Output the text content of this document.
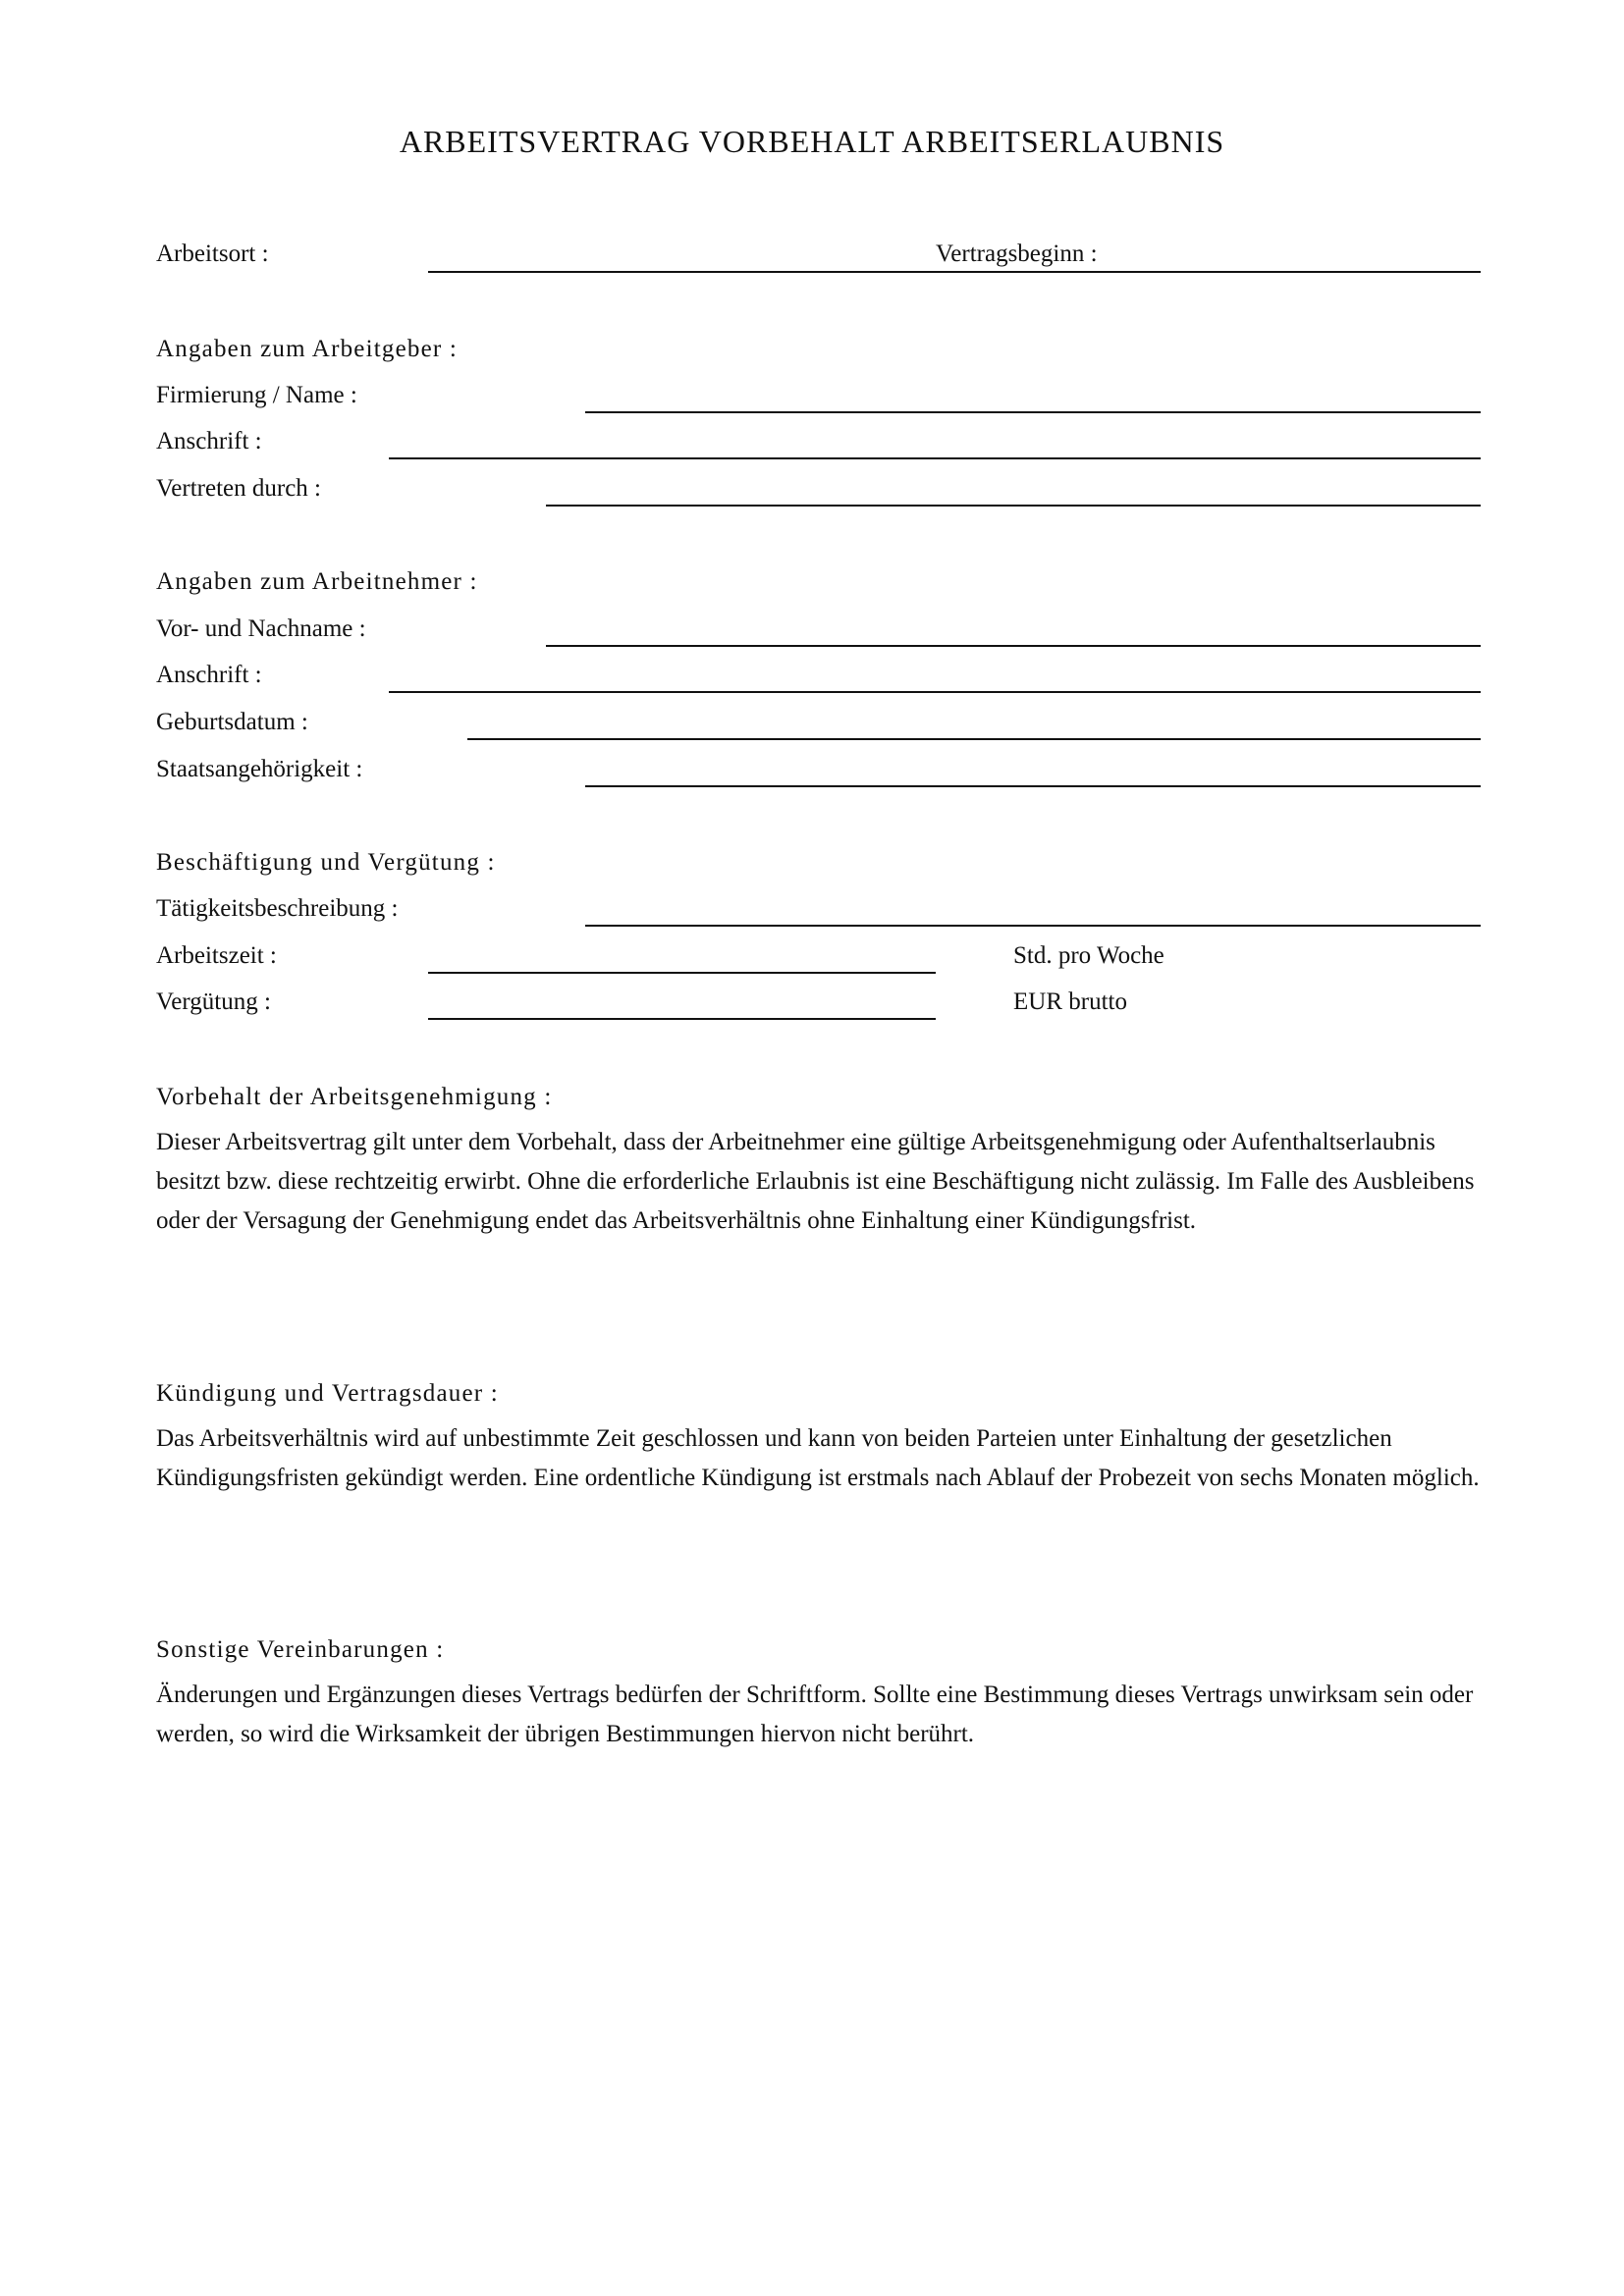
ARBEITSVERTRAG VORBEHALT ARBEITSERLAUBNIS
Arbeitsort :	Vertragsbeginn :
Angaben zum Arbeitgeber :
Firmierung / Name :
Anschrift :
Vertreten durch :
Angaben zum Arbeitnehmer :
Vor- und Nachname :
Anschrift :
Geburtsdatum :
Staatsangehörigkeit :
Beschäftigung und Vergütung :
Tätigkeitsbeschreibung :
Arbeitszeit :	Std. pro Woche
Vergütung :	EUR brutto
Vorbehalt der Arbeitsgenehmigung :
Dieser Arbeitsvertrag gilt unter dem Vorbehalt, dass der Arbeitnehmer eine gültige Arbeitsgenehmigung oder Aufenthaltserlaubnis besitzt bzw. diese rechtzeitig erwirbt. Ohne die erforderliche Erlaubnis ist eine Beschäftigung nicht zulässig. Im Falle des Ausbleibens oder der Versagung der Genehmigung endet das Arbeitsverhältnis ohne Einhaltung einer Kündigungsfrist.
Kündigung und Vertragsdauer :
Das Arbeitsverhältnis wird auf unbestimmte Zeit geschlossen und kann von beiden Parteien unter Einhaltung der gesetzlichen Kündigungsfristen gekündigt werden. Eine ordentliche Kündigung ist erstmals nach Ablauf der Probezeit von sechs Monaten möglich.
Sonstige Vereinbarungen :
Änderungen und Ergänzungen dieses Vertrags bedürfen der Schriftform. Sollte eine Bestimmung dieses Vertrags unwirksam sein oder werden, so wird die Wirksamkeit der übrigen Bestimmungen hiervon nicht berührt.
